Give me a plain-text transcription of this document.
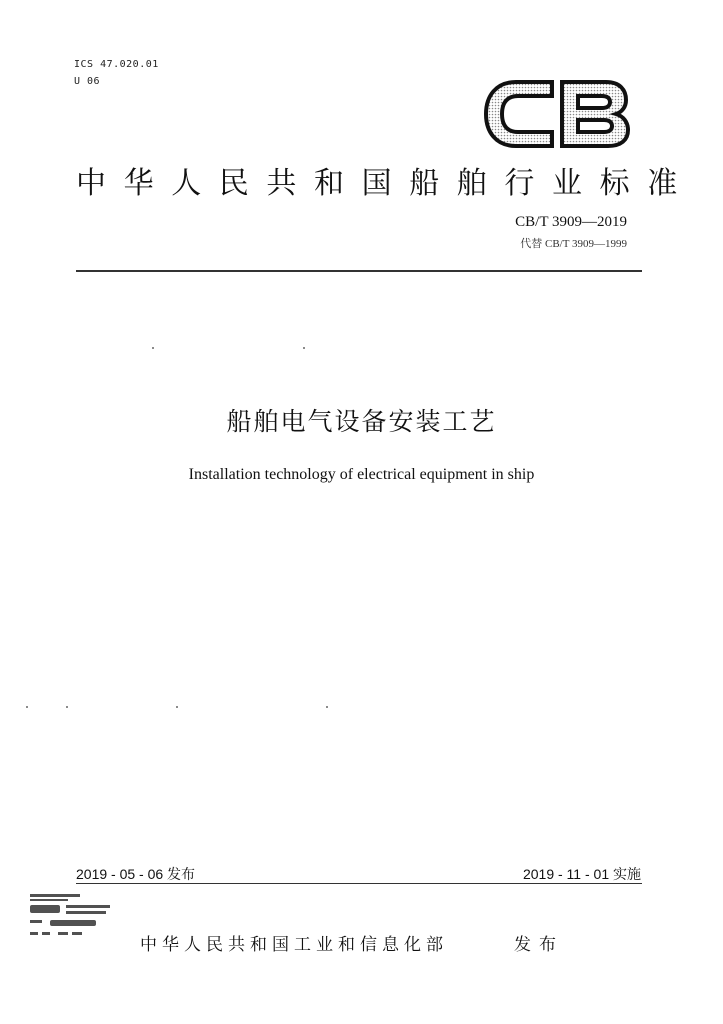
ICS 47.020.01
U 06
CB
中华人民共和国船舶行业标准
CB/T 3909—2019
代替 CB/T 3909—1999
船舶电气设备安装工艺
Installation technology of electrical equipment in ship
2019 - 05 - 06 发布	2019 - 11 - 01 实施
CBITEC
中华人民共和国工业和信息化部	发布
